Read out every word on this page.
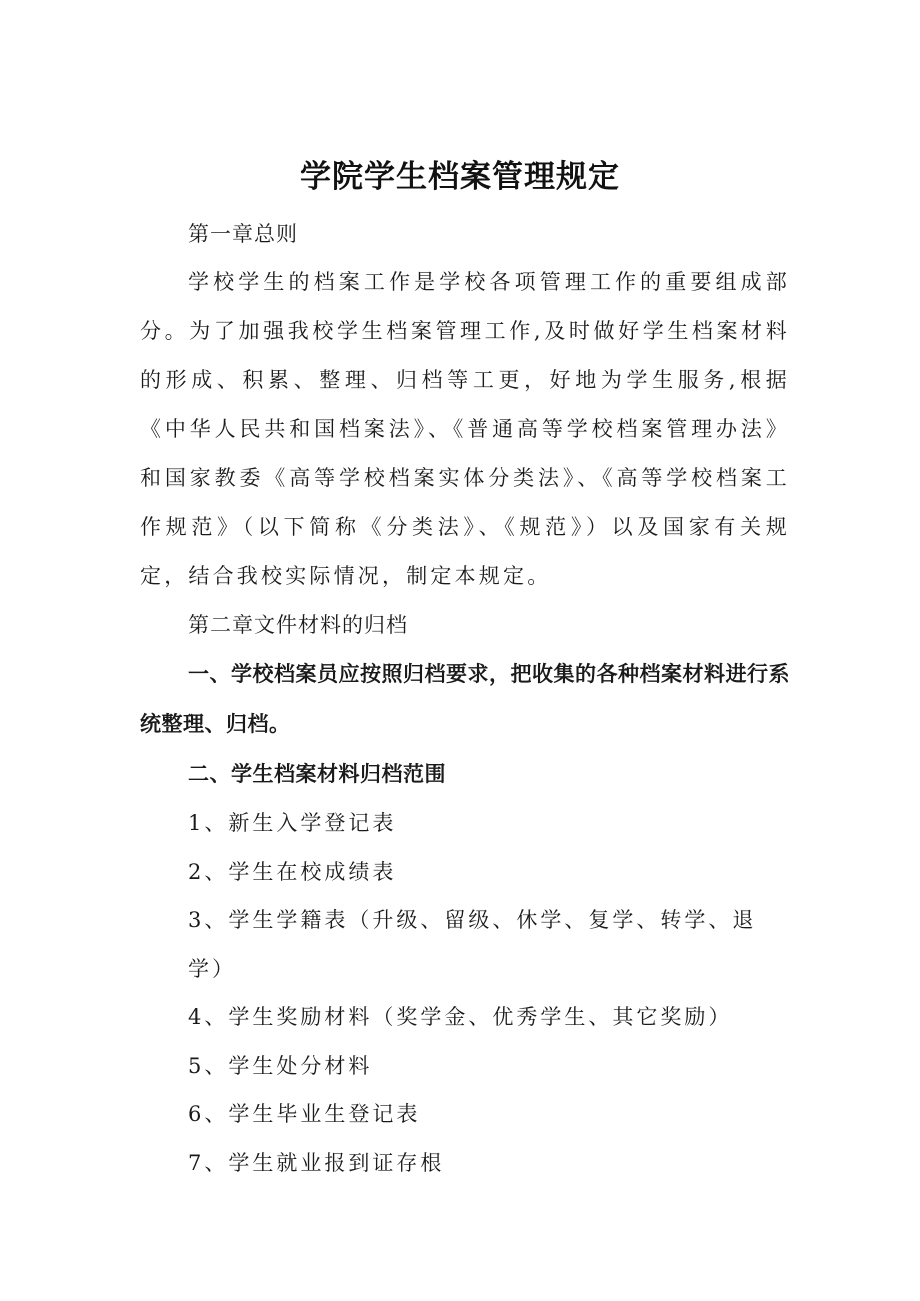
学院学生档案管理规定

第一章总则

学校学生的档案工作是学校各项管理工作的重要组成部分。为了加强我校学生档案管理工作,及时做好学生档案材料的形成、积累、整理、归档等工更，好地为学生服务,根据《中华人民共和国档案法》、《普通高等学校档案管理办法》和国家教委《高等学校档案实体分类法》、《高等学校档案工作规范》（以下简称《分类法》、《规范》）以及国家有关规定，结合我校实际情况，制定本规定。

第二章文件材料的归档

一、学校档案员应按照归档要求，把收集的各种档案材料进行系统整理、归档。

二、学生档案材料归档范围

1、新生入学登记表

2、学生在校成绩表

3、学生学籍表（升级、留级、休学、复学、转学、退学）

4、学生奖励材料（奖学金、优秀学生、其它奖励）

5、学生处分材料

6、学生毕业生登记表

7、学生就业报到证存根
